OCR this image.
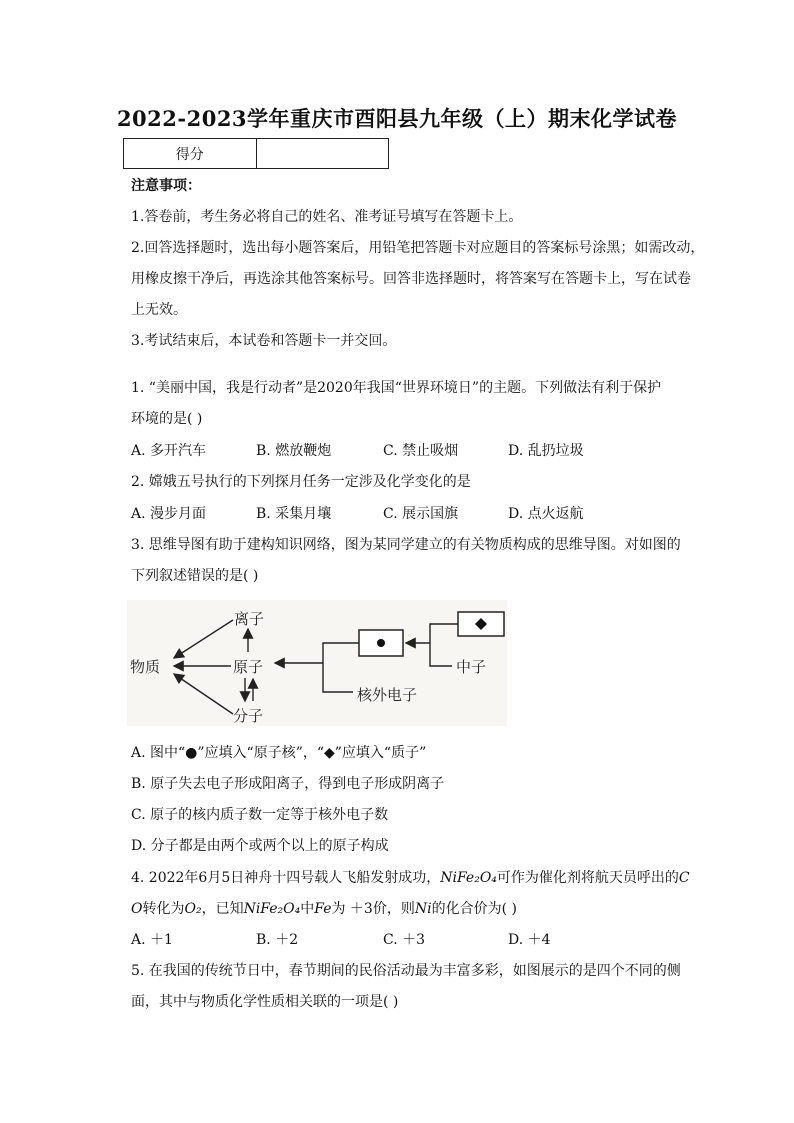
2022-2023学年重庆市酉阳县九年级（上）期末化学试卷
得分
注意事项：
1.答卷前，考生务必将自己的姓名、准考证号填写在答题卡上。
2.回答选择题时，选出每小题答案后，用铅笔把答题卡对应题目的答案标号涂黑；如需改动，
用橡皮擦干净后，再选涂其他答案标号。回答非选择题时，将答案写在答题卡上，写在试卷
上无效。
3.考试结束后，本试卷和答题卡一并交回。
1. “美丽中国，我是行动者”是2020年我国“世界环境日”的主题。下列做法有利于保护
环境的是( )
A. 多开汽车	B. 燃放鞭炮	C. 禁止吸烟	D. 乱扔垃圾
2. 嫦娥五号执行的下列探月任务一定涉及化学变化的是
A. 漫步月面	B. 采集月壤	C. 展示国旗	D. 点火返航
3. 思维导图有助于建构知识网络，图为某同学建立的有关物质构成的思维导图。对如图的
下列叙述错误的是( )
物质
离子
原子
分子
中子
核外电子
A. 图中“●”应填入“原子核”，“◆”应填入“质子”
B. 原子失去电子形成阳离子，得到电子形成阴离子
C. 原子的核内质子数一定等于核外电子数
D. 分子都是由两个或两个以上的原子构成
4. 2022年6月5日神舟十四号载人飞船发射成功，NiFe₂O₄可作为催化剂将航天员呼出的C
O转化为O₂，已知NiFe₂O₄中Fe为 ＋3价，则Ni的化合价为( )
A. ＋1	B. ＋2	C. ＋3	D. ＋4
5. 在我国的传统节日中，春节期间的民俗活动最为丰富多彩，如图展示的是四个不同的侧
面，其中与物质化学性质相关联的一项是( )
